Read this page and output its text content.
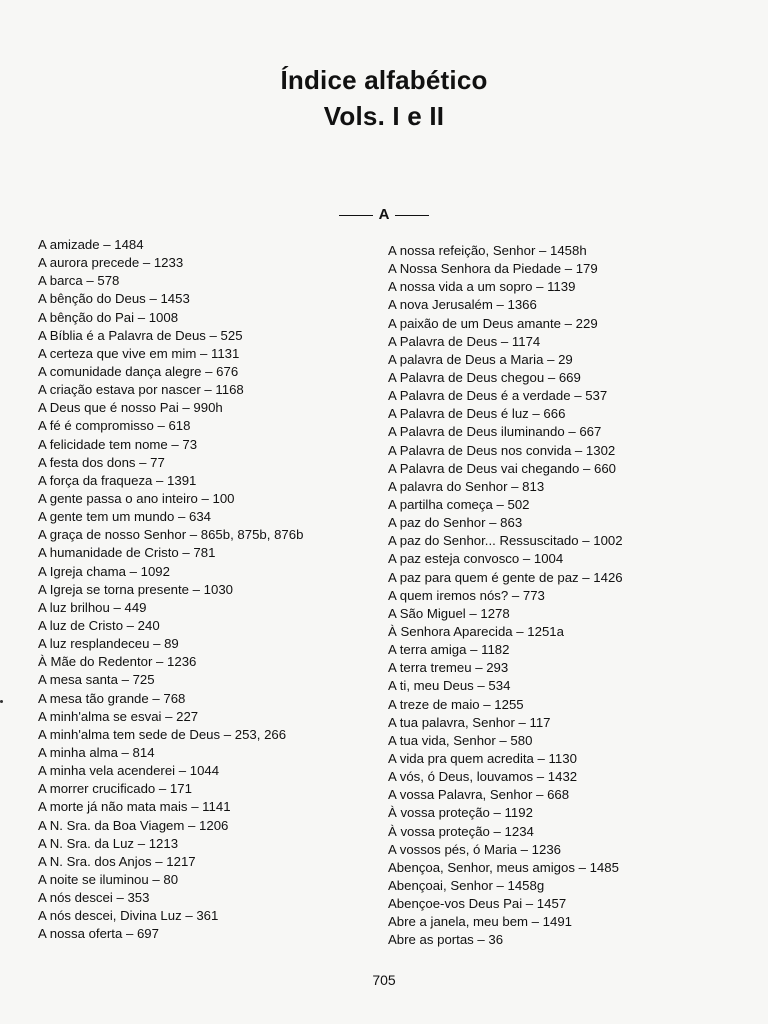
Índice alfabético
Vols. I e II
A
A amizade – 1484
A aurora precede – 1233
A barca – 578
A bênção do Deus – 1453
A bênção do Pai – 1008
A Bíblia é a Palavra de Deus – 525
A certeza que vive em mim – 1131
A comunidade dança alegre – 676
A criação estava por nascer – 1168
A Deus que é nosso Pai – 990h
A fé é compromisso – 618
A felicidade tem nome – 73
A festa dos dons – 77
A força da fraqueza – 1391
A gente passa o ano inteiro – 100
A gente tem um mundo – 634
A graça de nosso Senhor – 865b, 875b, 876b
A humanidade de Cristo – 781
A Igreja chama – 1092
A Igreja se torna presente – 1030
A luz brilhou – 449
A luz de Cristo – 240
A luz resplandeceu – 89
À Mãe do Redentor – 1236
A mesa santa – 725
A mesa tão grande – 768
A minh'alma se esvai – 227
A minh'alma tem sede de Deus – 253, 266
A minha alma – 814
A minha vela acenderei – 1044
A morrer crucificado – 171
A morte já não mata mais – 1141
A N. Sra. da Boa Viagem – 1206
A N. Sra. da Luz – 1213
A N. Sra. dos Anjos – 1217
A noite se iluminou – 80
A nós descei – 353
A nós descei, Divina Luz – 361
A nossa oferta – 697
A nossa refeição, Senhor – 1458h
A Nossa Senhora da Piedade – 179
A nossa vida a um sopro – 1139
A nova Jerusalém – 1366
A paixão de um Deus amante – 229
A Palavra de Deus – 1174
A palavra de Deus a Maria – 29
A Palavra de Deus chegou – 669
A Palavra de Deus é a verdade – 537
A Palavra de Deus é luz – 666
A Palavra de Deus iluminando – 667
A Palavra de Deus nos convida – 1302
A Palavra de Deus vai chegando – 660
A palavra do Senhor – 813
A partilha começa – 502
A paz do Senhor – 863
A paz do Senhor... Ressuscitado – 1002
A paz esteja convosco – 1004
A paz para quem é gente de paz – 1426
A quem iremos nós? – 773
A São Miguel – 1278
À Senhora Aparecida – 1251a
A terra amiga – 1182
A terra tremeu – 293
A ti, meu Deus – 534
A treze de maio – 1255
A tua palavra, Senhor – 117
A tua vida, Senhor – 580
A vida pra quem acredita – 1130
A vós, ó Deus, louvamos – 1432
A vossa Palavra, Senhor – 668
À vossa proteção – 1192
À vossa proteção – 1234
A vossos pés, ó Maria – 1236
Abençoa, Senhor, meus amigos – 1485
Abençoai, Senhor – 1458g
Abençoe-vos Deus Pai – 1457
Abre a janela, meu bem – 1491
Abre as portas – 36
705
